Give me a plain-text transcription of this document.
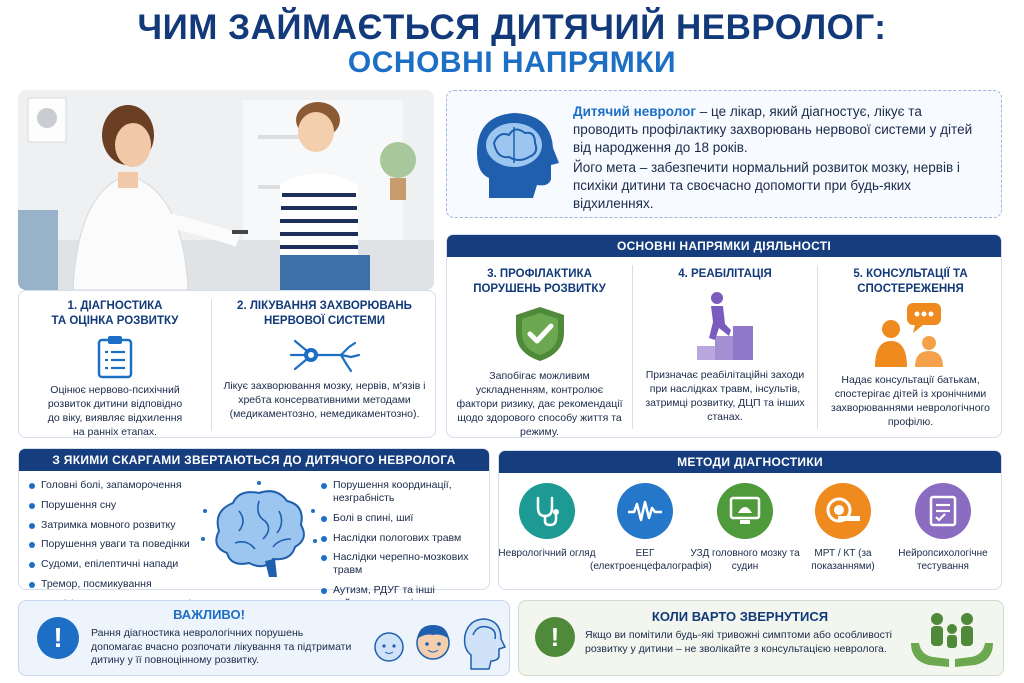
ЧИМ ЗАЙМАЄТЬСЯ ДИТЯЧИЙ НЕВРОЛОГ:
ОСНОВНІ НАПРЯМКИ

Дитячий невролог – це лікар, який діагностує, лікує та проводить профілактику захворювань нервової системи у дітей від народження до 18 років.

Його мета – забезпечити нормальний розвиток мозку, нервів і психіки дитини та своєчасно допомогти при будь-яких відхиленнях.

ОСНОВНІ НАПРЯМКИ ДІЯЛЬНОСТІ
3. ПРОФІЛАКТИКА
ПОРУШЕНЬ РОЗВИТКУ
Запобігає можливим ускладненням, контролює фактори ризику, дає рекомендації щодо здорового способу життя та режиму.
4. РЕАБІЛІТАЦІЯ
Призначає реабілітаційні заходи при наслідках травм, інсультів, затримці розвитку, ДЦП та інших станах.
5. КОНСУЛЬТАЦІЇ ТА
СПОСТЕРЕЖЕННЯ
Надає консультації батькам, спостерігає дітей із хронічними захворюваннями неврологічного профілю.
1. ДІАГНОСТИКА
ТА ОЦІНКА РОЗВИТКУ
Оцінює нервово-психічний розвиток дитини відповідно до віку, виявляє відхилення на ранніх етапах.
2. ЛІКУВАННЯ ЗАХВОРЮВАНЬ
НЕРВОВОЇ СИСТЕМИ
Лікує захворювання мозку, нервів, м'язів і хребта консервативними методами (медикаментозно, немедикаментозно).
З ЯКИМИ СКАРГАМИ ЗВЕРТАЮТЬСЯ ДО ДИТЯЧОГО НЕВРОЛОГА
Головні болі, запаморочення
Порушення сну
Затримка мовного розвитку
Порушення уваги та поведінки
Судоми, епілептичні напади
Тремор, посмикування
Порушення координації, незграбність
Болі в спині, шиї
Наслідки пологових травм
Наслідки черепно-мозкових травм
Аутизм, РДУГ та інші
МЕТОДИ ДІАГНОСТИКИ
Неврологічний огляд	ЕЕГ (електроенцефалографія)
УЗД головного мозку та судин
МРТ / КТ (за показаннями)
Нейропсихологічне тестування
!
ВАЖЛИВО!
Рання діагностика неврологічних порушень допомагає вчасно розпочати лікування та підтримати дитину у її повноцінному розвитку.
!
КОЛИ ВАРТО ЗВЕРНУТИСЯ
Якщо ви помітили будь-які тривожні симптоми або особливості розвитку у дитини – не зволікайте з консультацією невролога.
